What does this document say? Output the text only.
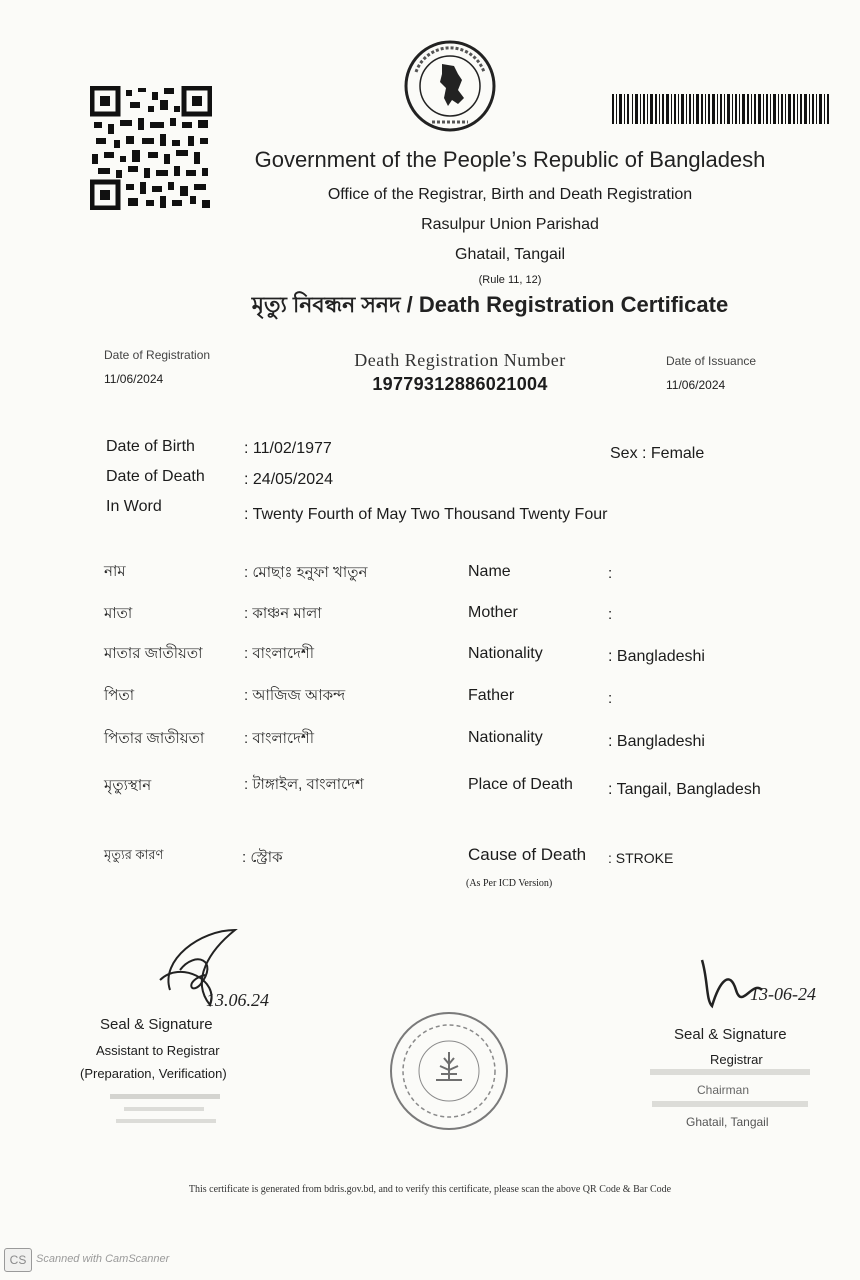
Government of the People’s Republic of Bangladesh
Office of the Registrar, Birth and Death Registration
Rasulpur Union Parishad
Ghatail, Tangail
(Rule 11, 12)
মৃত্যু নিবন্ধন সনদ / Death Registration Certificate
Date of Registration
11/06/2024
Death Registration Number
19779312886021004
Date of Issuance
11/06/2024
Date of Birth	: 11/02/1977
Date of Death : 24/05/2024
In Word	: Twenty Fourth of May Two Thousand Twenty Four
Sex : Female
নাম	: মোছাঃ হনুফা খাতুন	Name	:
মাতা	: কাঞ্চন মালা	Mother	:
মাতার জাতীয়তা	: বাংলাদেশী	Nationality	: Bangladeshi
পিতা	: আজিজ আকন্দ	Father	:
পিতার জাতীয়তা	: বাংলাদেশী	Nationality	: Bangladeshi
মৃত্যুস্থান	: টাঙ্গাইল, বাংলাদেশ	Place of Death : Tangail, Bangladesh
মৃত্যুর কারণ	: স্ট্রোক	Cause of Death : STROKE
(As Per ICD Version)
13.06.24
Seal & Signature
Assistant to Registrar
(Preparation, Verification)
13-06-24
Seal & Signature
Registrar
Chairman
Ghatail, Tangail
This certificate is generated from bdris.gov.bd, and to verify this certificate, please scan the above QR Code & Bar Code
CS Scanned with CamScanner
